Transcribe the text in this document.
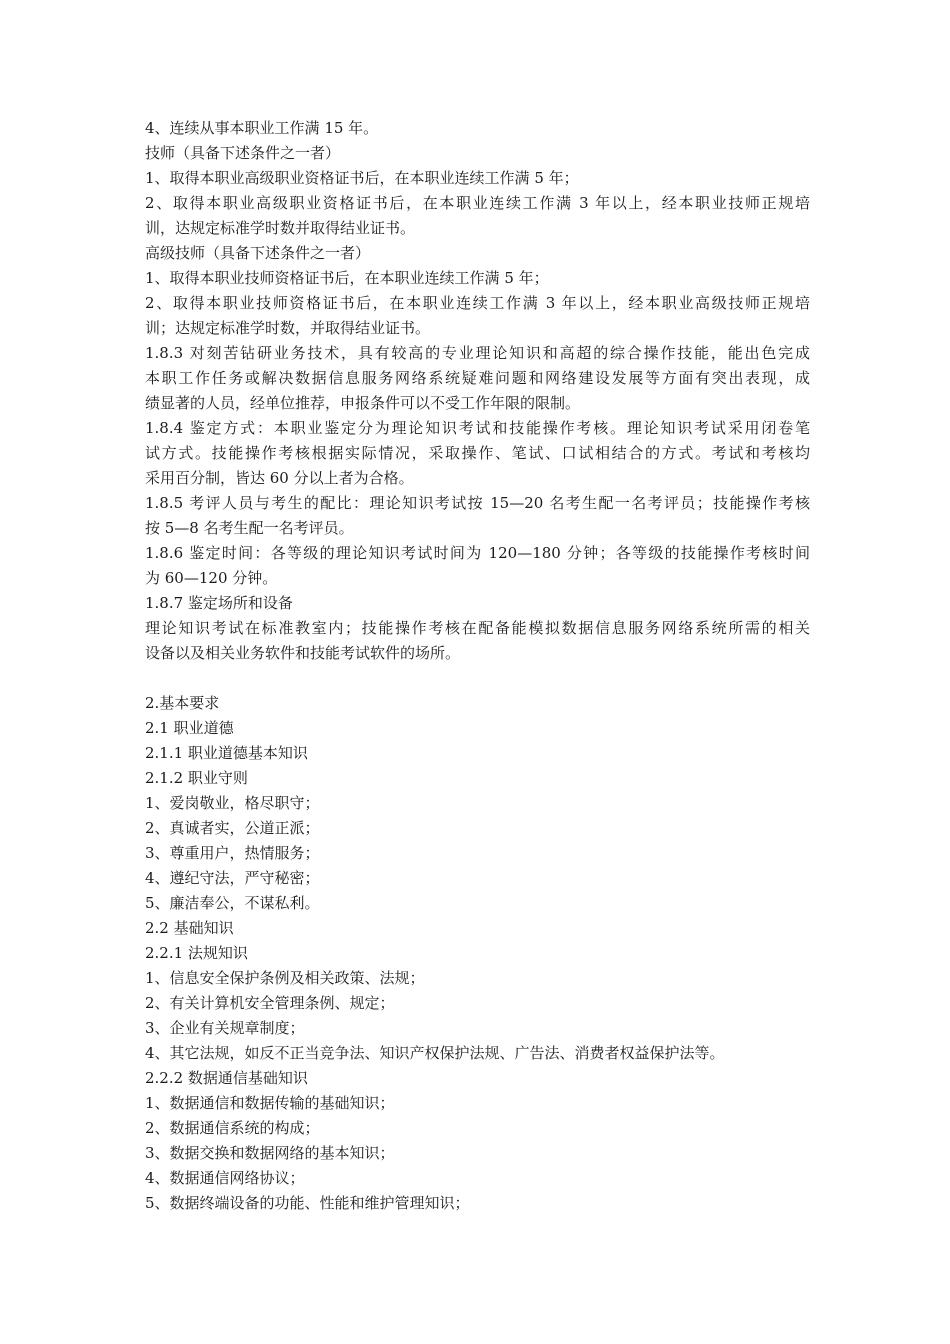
4、连续从事本职业工作满 15 年。
技师（具备下述条件之一者）
1、取得本职业高级职业资格证书后，在本职业连续工作满 5 年；
2、取得本职业高级职业资格证书后，在本职业连续工作满 3 年以上，经本职业技师正规培
训，达规定标准学时数并取得结业证书。
高级技师（具备下述条件之一者）
1、取得本职业技师资格证书后，在本职业连续工作满 5 年；
2、取得本职业技师资格证书后，在本职业连续工作满 3 年以上，经本职业高级技师正规培
训；达规定标准学时数，并取得结业证书。
1.8.3 对刻苦钻研业务技术，具有较高的专业理论知识和高超的综合操作技能，能出色完成
本职工作任务或解决数据信息服务网络系统疑难问题和网络建设发展等方面有突出表现，成
绩显著的人员，经单位推荐，申报条件可以不受工作年限的限制。
1.8.4 鉴定方式：本职业鉴定分为理论知识考试和技能操作考核。理论知识考试采用闭卷笔
试方式。技能操作考核根据实际情况，采取操作、笔试、口试相结合的方式。考试和考核均
采用百分制，皆达 60 分以上者为合格。
1.8.5 考评人员与考生的配比：理论知识考试按 15—20 名考生配一名考评员；技能操作考核
按 5—8 名考生配一名考评员。
1.8.6 鉴定时间：各等级的理论知识考试时间为 120—180 分钟；各等级的技能操作考核时间
为 60—120 分钟。
1.8.7 鉴定场所和设备
理论知识考试在标准教室内；技能操作考核在配备能模拟数据信息服务网络系统所需的相关
设备以及相关业务软件和技能考试软件的场所。
2.基本要求
2.1 职业道德
2.1.1 职业道德基本知识
2.1.2 职业守则
1、爱岗敬业，格尽职守；
2、真诚者实，公道正派；
3、尊重用户，热情服务；
4、遵纪守法，严守秘密；
5、廉洁奉公，不谋私利。
2.2 基础知识
2.2.1 法规知识
1、信息安全保护条例及相关政策、法规；
2、有关计算机安全管理条例、规定；
3、企业有关规章制度；
4、其它法规，如反不正当竞争法、知识产权保护法规、广告法、消费者权益保护法等。
2.2.2 数据通信基础知识
1、数据通信和数据传输的基础知识；
2、数据通信系统的构成；
3、数据交换和数据网络的基本知识；
4、数据通信网络协议；
5、数据终端设备的功能、性能和维护管理知识；
